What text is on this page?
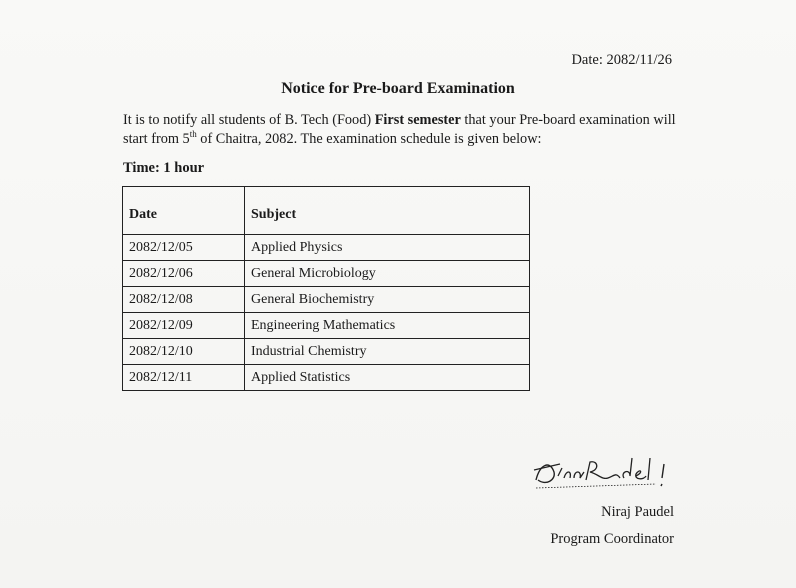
Date: 2082/11/26
Notice for Pre-board Examination
It is to notify all students of B. Tech (Food) First semester that your Pre-board examination will start from 5th of Chaitra, 2082. The examination schedule is given below:
Time: 1 hour
Date	Subject
2082/12/05	Applied Physics
2082/12/06	General Microbiology
2082/12/08	General Biochemistry
2082/12/09	Engineering Mathematics
2082/12/10	Industrial Chemistry
2082/12/11	Applied Statistics
Niraj Paudel
Program Coordinator
